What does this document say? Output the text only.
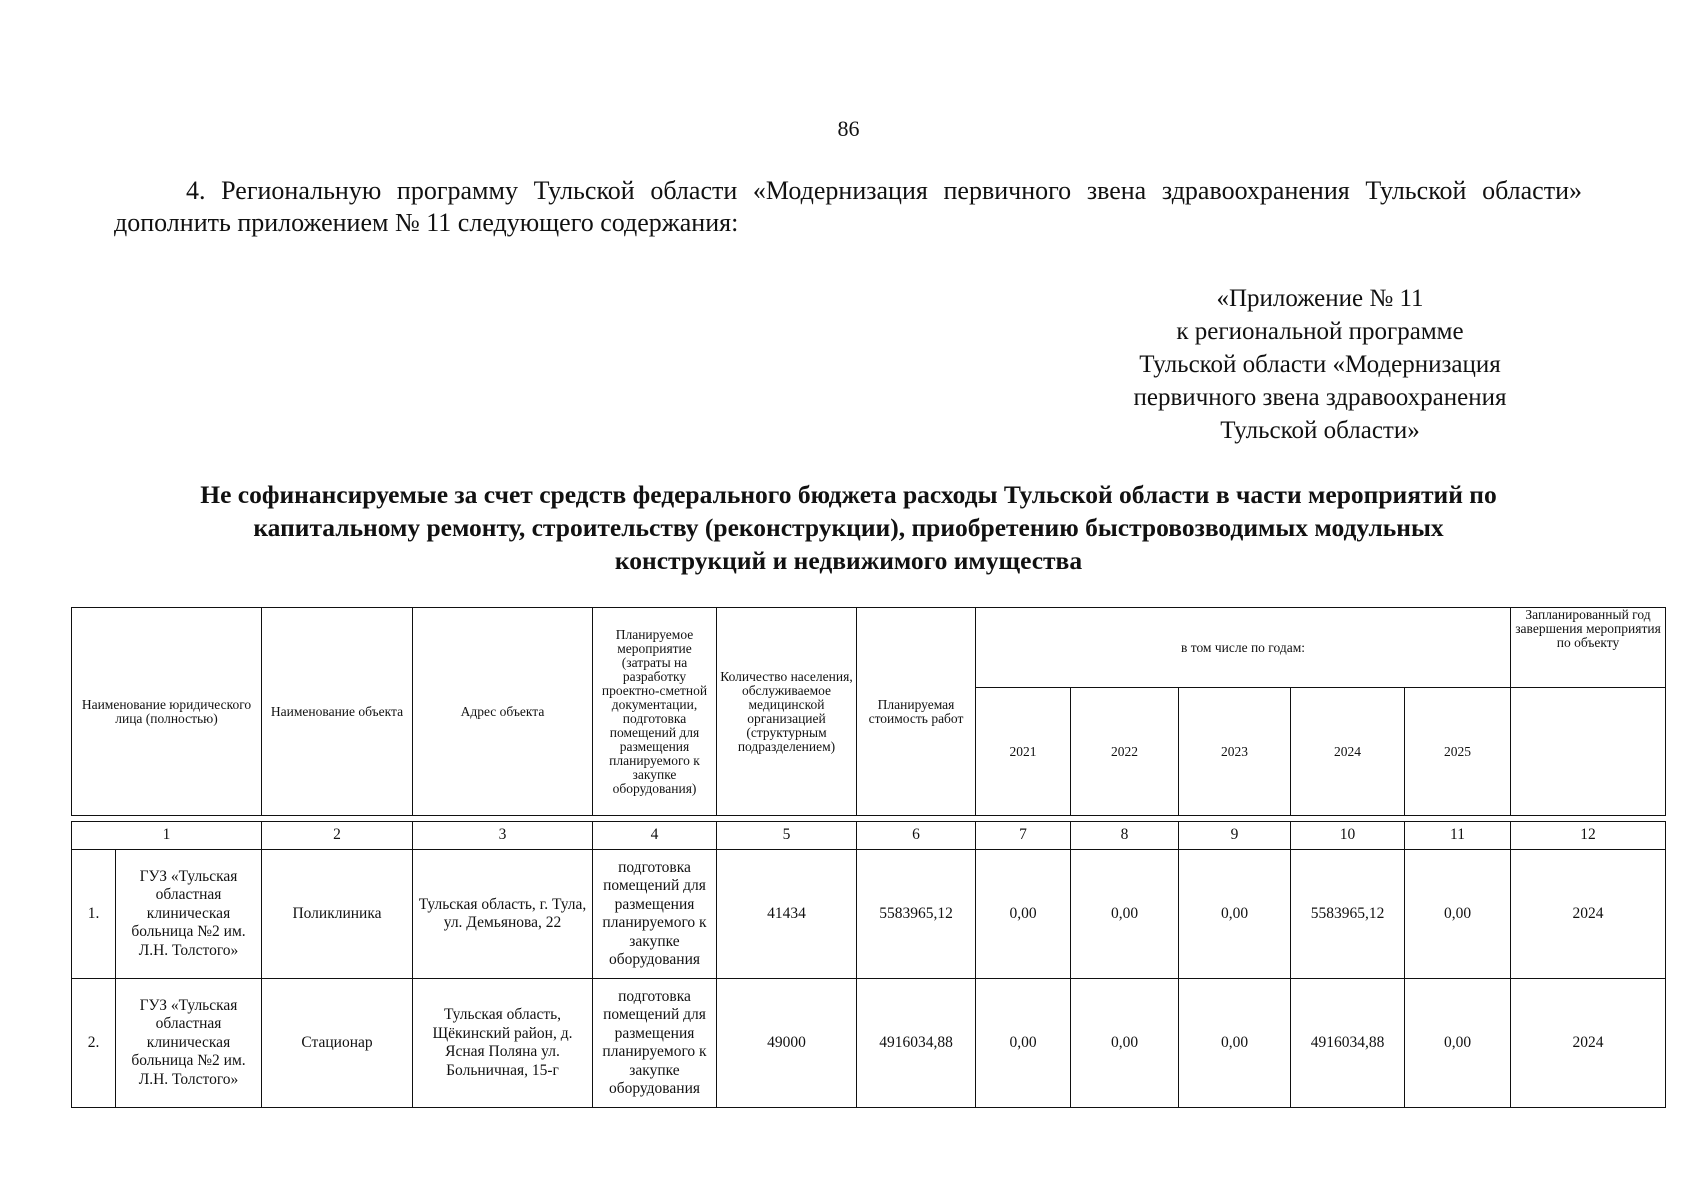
86
4. Региональную программу Тульской области «Модернизация первичного звена здравоохранения Тульской области» дополнить приложением № 11 следующего содержания:
«Приложение № 11
к региональной программе
Тульской области «Модернизация
первичного звена здравоохранения
Тульской области»
Не софинансируемые за счет средств федерального бюджета расходы Тульской области в части мероприятий по
капитальному ремонту, строительству (реконструкции), приобретению быстровозводимых модульных
конструкций и недвижимого имущества
Наименование юридического лица (полностью)	Наименование объекта	Адрес объекта	Планируемое мероприятие (затраты на разработку проектно-сметной документации, подготовка помещений для размещения планируемого к закупке оборудования)	Количество населения, обслуживаемое медицинской организацией (структурным подразделением)	Планируемая стоимость работ	в том числе по годам:					Запланированный год завершения мероприятия по объекту
						2021	2022	2023	2024	2025	
1		2	3	4	5	6	7	8	9	10	11	12
1.	ГУЗ «Тульская областная клиническая больница №2 им. Л.Н. Толстого»	Поликлиника	Тульская область, г. Тула, ул. Демьянова, 22	подготовка помещений для размещения планируемого к закупке оборудования	41434	5583965,12	0,00	0,00	0,00	5583965,12	0,00	2024
2.	ГУЗ «Тульская областная клиническая больница №2 им. Л.Н. Толстого»	Стационар	Тульская область, Щёкинский район, д. Ясная Поляна ул. Больничная, 15-г	подготовка помещений для размещения планируемого к закупке оборудования	49000	4916034,88	0,00	0,00	0,00	4916034,88	0,00	2024
